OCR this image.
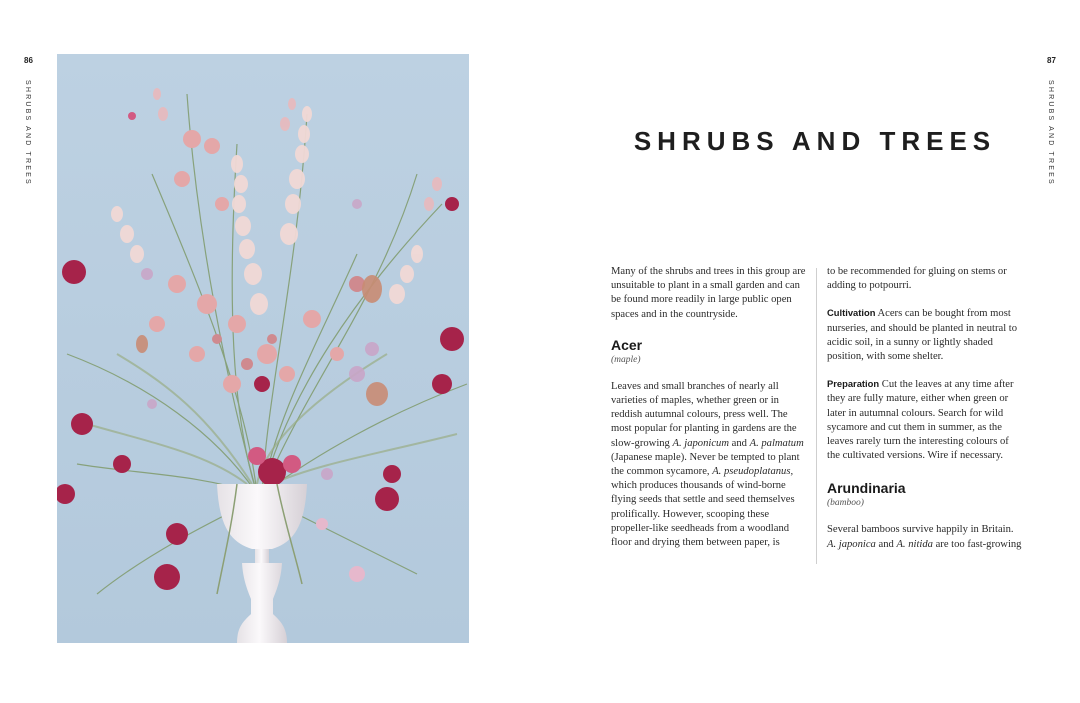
86
SHRUBS AND TREES
87
SHRUBS AND TREES
SHRUBS AND TREES

Many of the shrubs and trees in this group are unsuitable to plant in a small garden and can be found more readily in large public open spaces and in the countryside.

Acer
(maple)

Leaves and small branches of nearly all varieties of maples, whether green or in reddish autumnal colours, press well. The most popular for planting in gardens are the slow-growing A. japonicum and A. palmatum (Japanese maple). Never be tempted to plant the common sycamore, A. pseudoplatanus, which produces thousands of wind-borne flying seeds that settle and seed themselves prolifically. However, scooping these propeller-like seedheads from a woodland floor and drying them between paper, is

to be recommended for gluing on stems or adding to potpourri.

Cultivation Acers can be bought from most nurseries, and should be planted in neutral to acidic soil, in a sunny or lightly shaded position, with some shelter.

Preparation Cut the leaves at any time after they are fully mature, either when green or later in autumnal colours. Search for wild sycamore and cut them in summer, as the leaves rarely turn the interesting colours of the cultivated versions. Wire if necessary.

Arundinaria
(bamboo)

Several bamboos survive happily in Britain. A. japonica and A. nitida are too fast-growing
